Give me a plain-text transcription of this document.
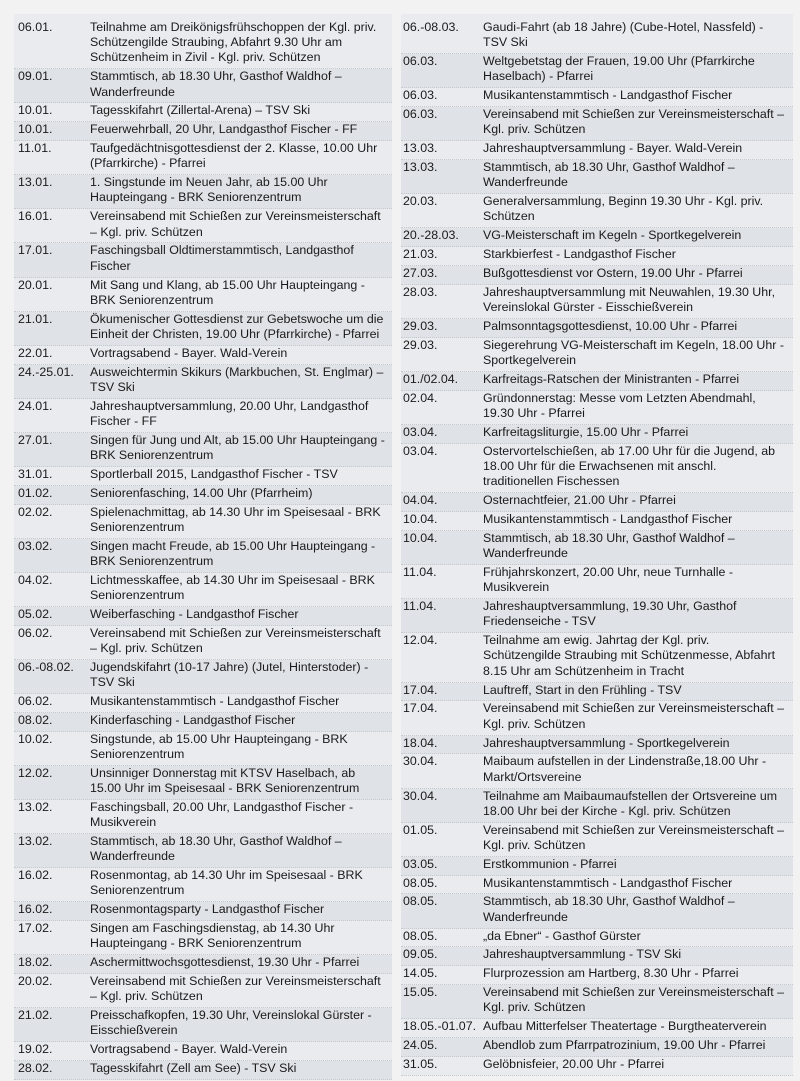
06.01.	Teilnahme am Dreikönigsfrühschoppen der Kgl. priv. Schützengilde Straubing, Abfahrt 9.30 Uhr am Schützenheim in Zivil - Kgl. priv. Schützen
09.01.	Stammtisch, ab 18.30 Uhr, Gasthof Waldhof – Wanderfreunde
10.01.	Tagesskifahrt (Zillertal-Arena) – TSV Ski
10.01.	Feuerwehrball, 20 Uhr, Landgasthof Fischer - FF
11.01.	Taufgedächtnisgottesdienst der 2. Klasse, 10.00 Uhr (Pfarrkirche) - Pfarrei
13.01.	1. Singstunde im Neuen Jahr, ab 15.00 Uhr Haupteingang - BRK Seniorenzentrum
16.01.	Vereinsabend mit Schießen zur Vereinsmeisterschaft – Kgl. priv. Schützen
17.01.	Faschingsball Oldtimerstammtisch, Landgasthof Fischer
20.01.	Mit Sang und Klang, ab 15.00 Uhr Haupteingang - BRK Seniorenzentrum
21.01.	Ökumenischer Gottesdienst zur Gebetswoche um die Einheit der Christen, 19.00 Uhr (Pfarrkirche) - Pfarrei
22.01.	Vortragsabend - Bayer. Wald-Verein
24.-25.01.	Ausweichtermin Skikurs (Markbuchen, St. Englmar) – TSV Ski
24.01.	Jahreshauptversammlung, 20.00 Uhr, Landgasthof Fischer - FF
27.01.	Singen für Jung und Alt, ab 15.00 Uhr Haupteingang - BRK Seniorenzentrum
31.01.	Sportlerball 2015, Landgasthof Fischer - TSV
01.02.	Seniorenfasching, 14.00 Uhr (Pfarrheim)
02.02.	Spielenachmittag, ab 14.30 Uhr im Speisesaal - BRK Seniorenzentrum
03.02.	Singen macht Freude, ab 15.00 Uhr Haupteingang - BRK Seniorenzentrum
04.02.	Lichtmesskaffee, ab 14.30 Uhr im Speisesaal - BRK Seniorenzentrum
05.02.	Weiberfasching - Landgasthof Fischer
06.02.	Vereinsabend mit Schießen zur Vereinsmeisterschaft – Kgl. priv. Schützen
06.-08.02.	Jugendskifahrt (10-17 Jahre) (Jutel, Hinterstoder) - TSV Ski
06.02.	Musikantenstammtisch - Landgasthof Fischer
08.02.	Kinderfasching - Landgasthof Fischer
10.02.	Singstunde, ab 15.00 Uhr Haupteingang - BRK Seniorenzentrum
12.02.	Unsinniger Donnerstag mit KTSV Haselbach, ab 15.00 Uhr im Speisesaal - BRK Seniorenzentrum
13.02.	Faschingsball, 20.00 Uhr, Landgasthof Fischer - Musikverein
13.02.	Stammtisch, ab 18.30 Uhr, Gasthof Waldhof – Wanderfreunde
16.02.	Rosenmontag, ab 14.30 Uhr im Speisesaal - BRK Seniorenzentrum
16.02.	Rosenmontagsparty - Landgasthof Fischer
17.02.	Singen am Faschingsdienstag, ab 14.30 Uhr Haupteingang - BRK Seniorenzentrum
18.02.	Aschermittwochsgottesdienst, 19.30 Uhr - Pfarrei
20.02.	Vereinsabend mit Schießen zur Vereinsmeisterschaft – Kgl. priv. Schützen
21.02.	Preisschafkopfen, 19.30 Uhr, Vereinslokal Gürster - Eisschießverein
19.02.	Vortragsabend - Bayer. Wald-Verein
28.02.	Tagesskifahrt (Zell am See) - TSV Ski
06.-08.03.	Gaudi-Fahrt (ab 18 Jahre) (Cube-Hotel, Nassfeld) - TSV Ski
06.03.	Weltgebetstag der Frauen, 19.00 Uhr (Pfarrkirche Haselbach) - Pfarrei
06.03.	Musikantenstammtisch - Landgasthof Fischer
06.03.	Vereinsabend mit Schießen zur Vereinsmeisterschaft – Kgl. priv. Schützen
13.03.	Jahreshauptversammlung - Bayer. Wald-Verein
13.03.	Stammtisch, ab 18.30 Uhr, Gasthof Waldhof – Wanderfreunde
20.03.	Generalversammlung, Beginn 19.30 Uhr - Kgl. priv. Schützen
20.-28.03.	VG-Meisterschaft im Kegeln - Sportkegelverein
21.03.	Starkbierfest - Landgasthof Fischer
27.03.	Bußgottesdienst vor Ostern, 19.00 Uhr - Pfarrei
28.03.	Jahreshauptversammlung mit Neuwahlen, 19.30 Uhr, Vereinslokal Gürster - Eisschießverein
29.03.	Palmsonntagsgottesdienst, 10.00 Uhr - Pfarrei
29.03.	Siegerehrung VG-Meisterschaft im Kegeln, 18.00 Uhr - Sportkegelverein
01./02.04.	Karfreitags-Ratschen der Ministranten - Pfarrei
02.04.	Gründonnerstag: Messe vom Letzten Abendmahl, 19.30 Uhr - Pfarrei
03.04.	Karfreitagsliturgie, 15.00 Uhr - Pfarrei
03.04.	Ostervortelschießen, ab 17.00 Uhr für die Jugend, ab 18.00 Uhr für die Erwachsenen mit anschl. traditionellen Fischessen
04.04.	Osternachtfeier, 21.00 Uhr - Pfarrei
10.04.	Musikantenstammtisch - Landgasthof Fischer
10.04.	Stammtisch, ab 18.30 Uhr, Gasthof Waldhof – Wanderfreunde
11.04.	Frühjahrskonzert, 20.00 Uhr, neue Turnhalle - Musikverein
11.04.	Jahreshauptversammlung, 19.30 Uhr, Gasthof Friedenseiche - TSV
12.04.	Teilnahme am ewig. Jahrtag der Kgl. priv. Schützengilde Straubing mit Schützenmesse, Abfahrt 8.15 Uhr am Schützenheim in Tracht
17.04.	Lauftreff, Start in den Frühling - TSV
17.04.	Vereinsabend mit Schießen zur Vereinsmeisterschaft – Kgl. priv. Schützen
18.04.	Jahreshauptversammlung - Sportkegelverein
30.04.	Maibaum aufstellen in der Lindenstraße,18.00 Uhr - Markt/Ortsvereine
30.04.	Teilnahme am Maibaumaufstellen der Ortsvereine um 18.00 Uhr bei der Kirche - Kgl. priv. Schützen
01.05.	Vereinsabend mit Schießen zur Vereinsmeisterschaft – Kgl. priv. Schützen
03.05.	Erstkommunion - Pfarrei
08.05.	Musikantenstammtisch - Landgasthof Fischer
08.05.	Stammtisch, ab 18.30 Uhr, Gasthof Waldhof – Wanderfreunde
08.05.	„da Ebner“ - Gasthof Gürster
09.05.	Jahreshauptversammlung - TSV Ski
14.05.	Flurprozession am Hartberg, 8.30 Uhr - Pfarrei
15.05.	Vereinsabend mit Schießen zur Vereinsmeisterschaft – Kgl. priv. Schützen
18.05.-01.07. Aufbau Mitterfelser Theatertage - Burgtheaterverein
24.05.	Abendlob zum Pfarrpatrozinium, 19.00 Uhr - Pfarrei
31.05.	Gelöbnisfeier, 20.00 Uhr - Pfarrei
